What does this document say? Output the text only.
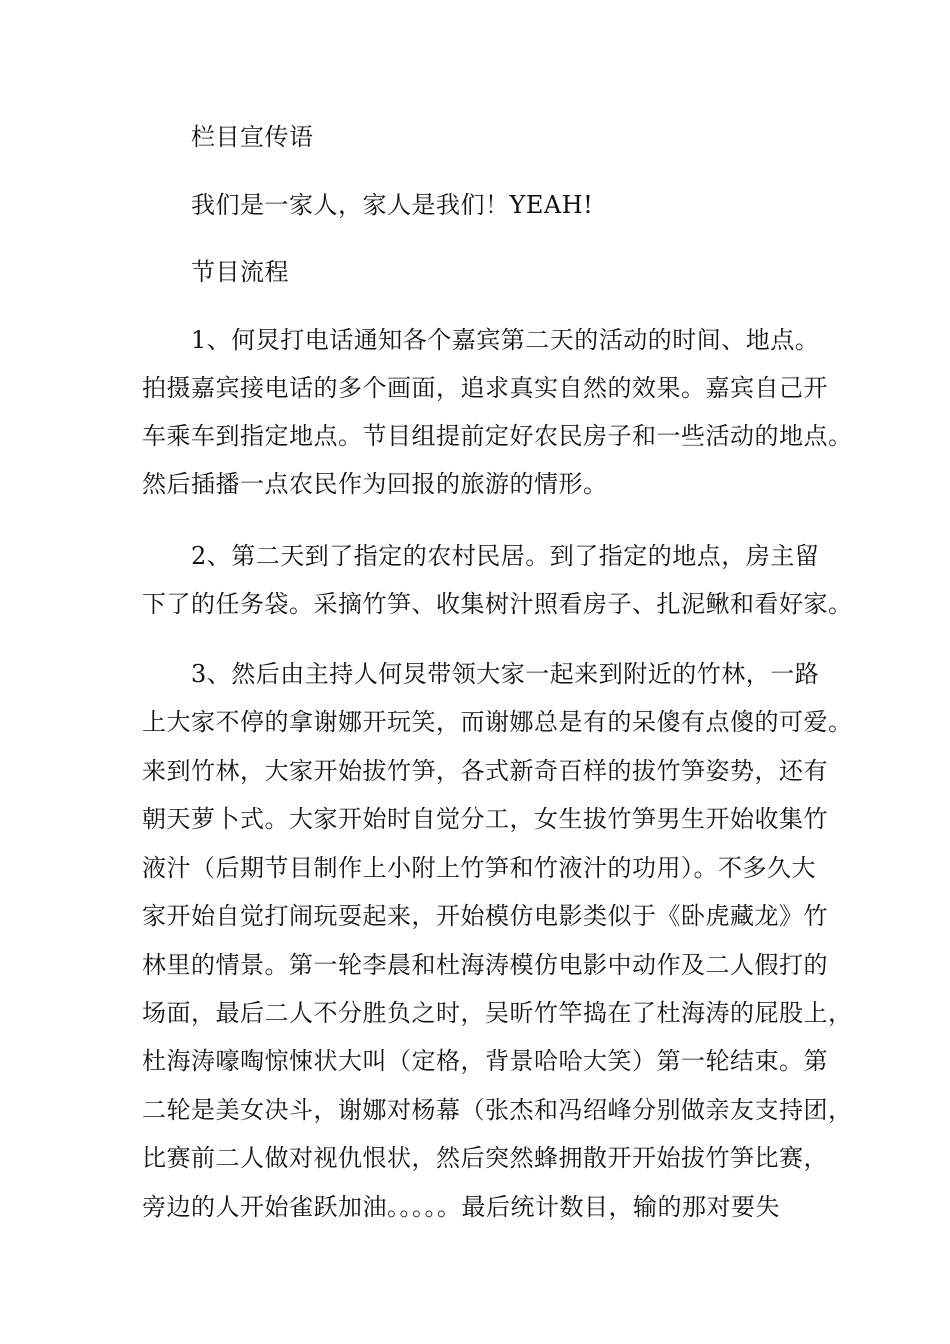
栏目宣传语
我们是一家人，家人是我们！YEAH!
节目流程
1、何炅打电话通知各个嘉宾第二天的活动的时间、地点。
拍摄嘉宾接电话的多个画面，追求真实自然的效果。嘉宾自己开
车乘车到指定地点。节目组提前定好农民房子和一些活动的地点。
然后插播一点农民作为回报的旅游的情形。
2、第二天到了指定的农村民居。到了指定的地点，房主留
下了的任务袋。采摘竹笋、收集树汁照看房子、扎泥鳅和看好家。
3、然后由主持人何炅带领大家一起来到附近的竹林，一路
上大家不停的拿谢娜开玩笑，而谢娜总是有的呆傻有点傻的可爱。
来到竹林，大家开始拔竹笋，各式新奇百样的拔竹笋姿势，还有
朝天萝卜式。大家开始时自觉分工，女生拔竹笋男生开始收集竹
液汁（后期节目制作上小附上竹笋和竹液汁的功用）。不多久大
家开始自觉打闹玩耍起来，开始模仿电影类似于《卧虎藏龙》竹
林里的情景。第一轮李晨和杜海涛模仿电影中动作及二人假打的
场面，最后二人不分胜负之时，吴昕竹竿捣在了杜海涛的屁股上，
杜海涛嚎啕惊悚状大叫（定格，背景哈哈大笑）第一轮结束。第
二轮是美女决斗，谢娜对杨幕（张杰和冯绍峰分别做亲友支持团，
比赛前二人做对视仇恨状，然后突然蜂拥散开开始拔竹笋比赛，
旁边的人开始雀跃加油。。。。。最后统计数目，输的那对要失
